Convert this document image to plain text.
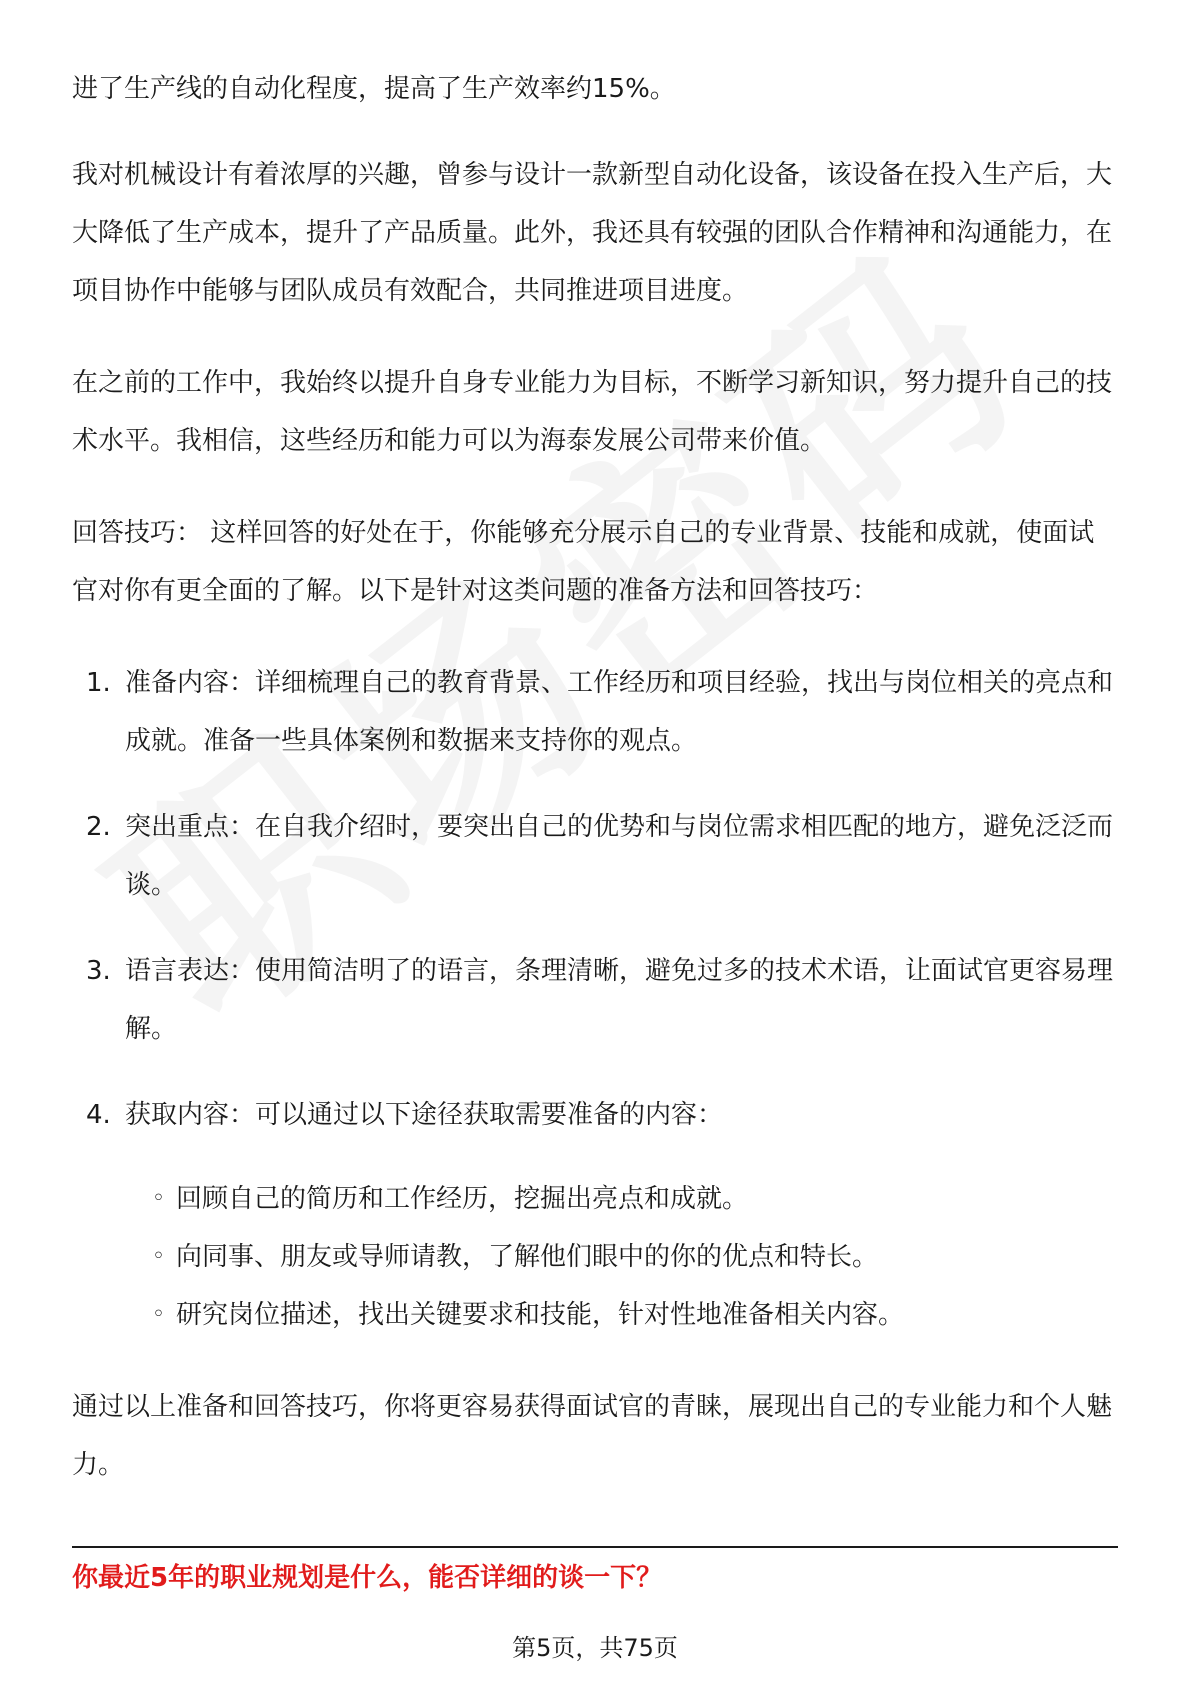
进了生产线的自动化程度，提高了生产效率约15%。

我对机械设计有着浓厚的兴趣，曾参与设计一款新型自动化设备，该设备在投入生产后，大大降低了生产成本，提升了产品质量。此外，我还具有较强的团队合作精神和沟通能力，在项目协作中能够与团队成员有效配合，共同推进项目进度。

在之前的工作中，我始终以提升自身专业能力为目标，不断学习新知识，努力提升自己的技术水平。我相信，这些经历和能力可以为海泰发展公司带来价值。

回答技巧： 这样回答的好处在于，你能够充分展示自己的专业背景、技能和成就，使面试官对你有更全面的了解。以下是针对这类问题的准备方法和回答技巧：

1. 准备内容：详细梳理自己的教育背景、工作经历和项目经验，找出与岗位相关的亮点和成就。准备一些具体案例和数据来支持你的观点。
2. 突出重点：在自我介绍时，要突出自己的优势和与岗位需求相匹配的地方，避免泛泛而谈。
3. 语言表达：使用简洁明了的语言，条理清晰，避免过多的技术术语，让面试官更容易理解。
4. 获取内容：可以通过以下途径获取需要准备的内容：
◦ 回顾自己的简历和工作经历，挖掘出亮点和成就。
◦ 向同事、朋友或导师请教，了解他们眼中的你的优点和特长。
◦ 研究岗位描述，找出关键要求和技能，针对性地准备相关内容。

通过以上准备和回答技巧，你将更容易获得面试官的青睐，展现出自己的专业能力和个人魅力。

你最近5年的职业规划是什么，能否详细的谈一下？
第5页，共75页
